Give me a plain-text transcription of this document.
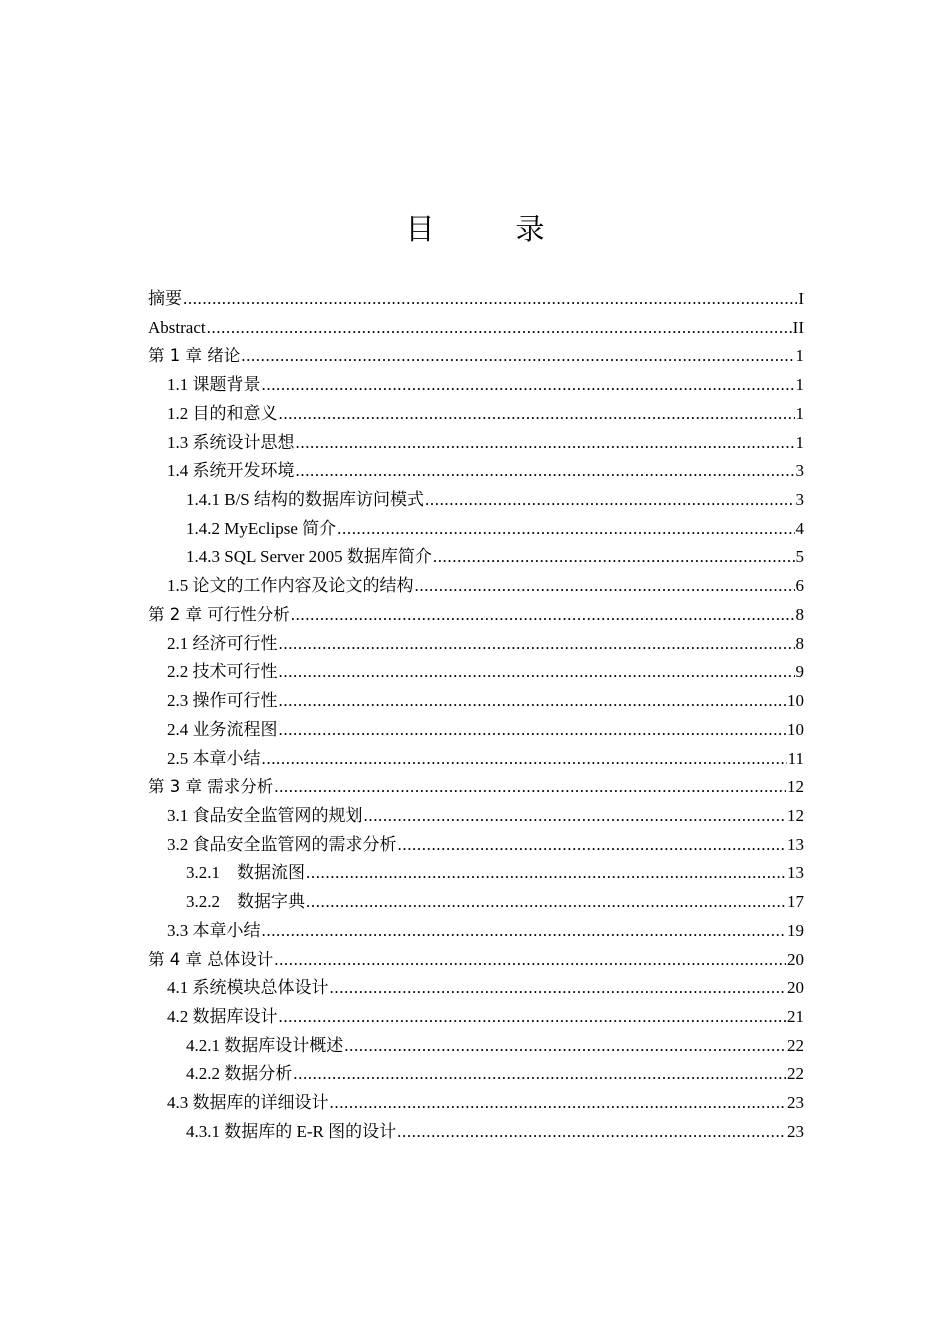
目　录
摘要 .....	I
Abstract .....	II
第 1 章 绪论 .....	1
1.1 课题背景 .....	1
1.2 目的和意义 .....	1
1.3 系统设计思想 .....	1
1.4 系统开发环境 .....	3
1.4.1 B/S 结构的数据库访问模式 .....	3
1.4.2 MyEclipse 简介 .....	4
1.4.3 SQL Server 2005 数据库简介 .....	5
1.5 论文的工作内容及论文的结构 .....	6
第 2 章 可行性分析 .....	8
2.1 经济可行性 .....	8
2.2 技术可行性 .....	9
2.3 操作可行性 .....	10
2.4 业务流程图 .....	10
2.5 本章小结 .....	11
第 3 章 需求分析 .....	12
3.1 食品安全监管网的规划 .....	12
3.2 食品安全监管网的需求分析 .....	13
3.2.1　数据流图 .....	13
3.2.2　数据字典 .....	17
3.3 本章小结 .....	19
第 4 章 总体设计 .....	20
4.1 系统模块总体设计 .....	20
4.2 数据库设计 .....	21
4.2.1 数据库设计概述 .....	22
4.2.2 数据分析 .....	22
4.3 数据库的详细设计 .....	23
4.3.1 数据库的 E-R 图的设计 .....	23
